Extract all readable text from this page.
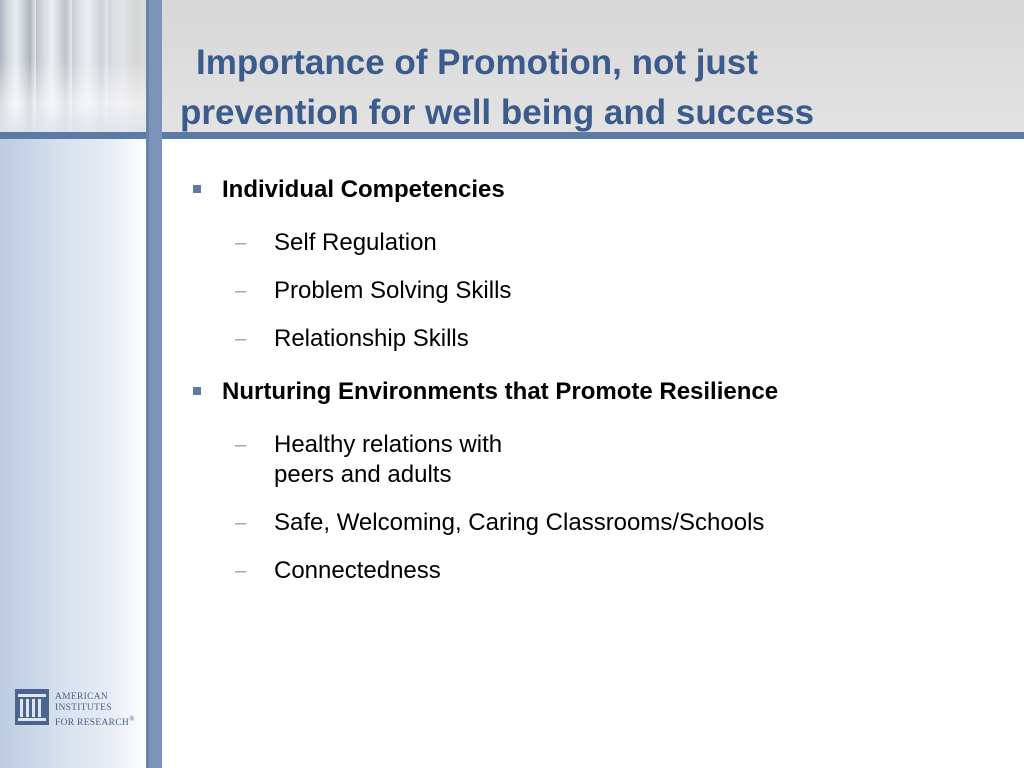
Importance of Promotion, not just
prevention for well being and success
Individual Competencies
– Self Regulation
– Problem Solving Skills
– Relationship Skills
Nurturing Environments that Promote Resilience
– Healthy relations with
peers and adults
– Safe, Welcoming, Caring Classrooms/Schools
– Connectedness
AMERICAN
INSTITUTES
FOR RESEARCH®
